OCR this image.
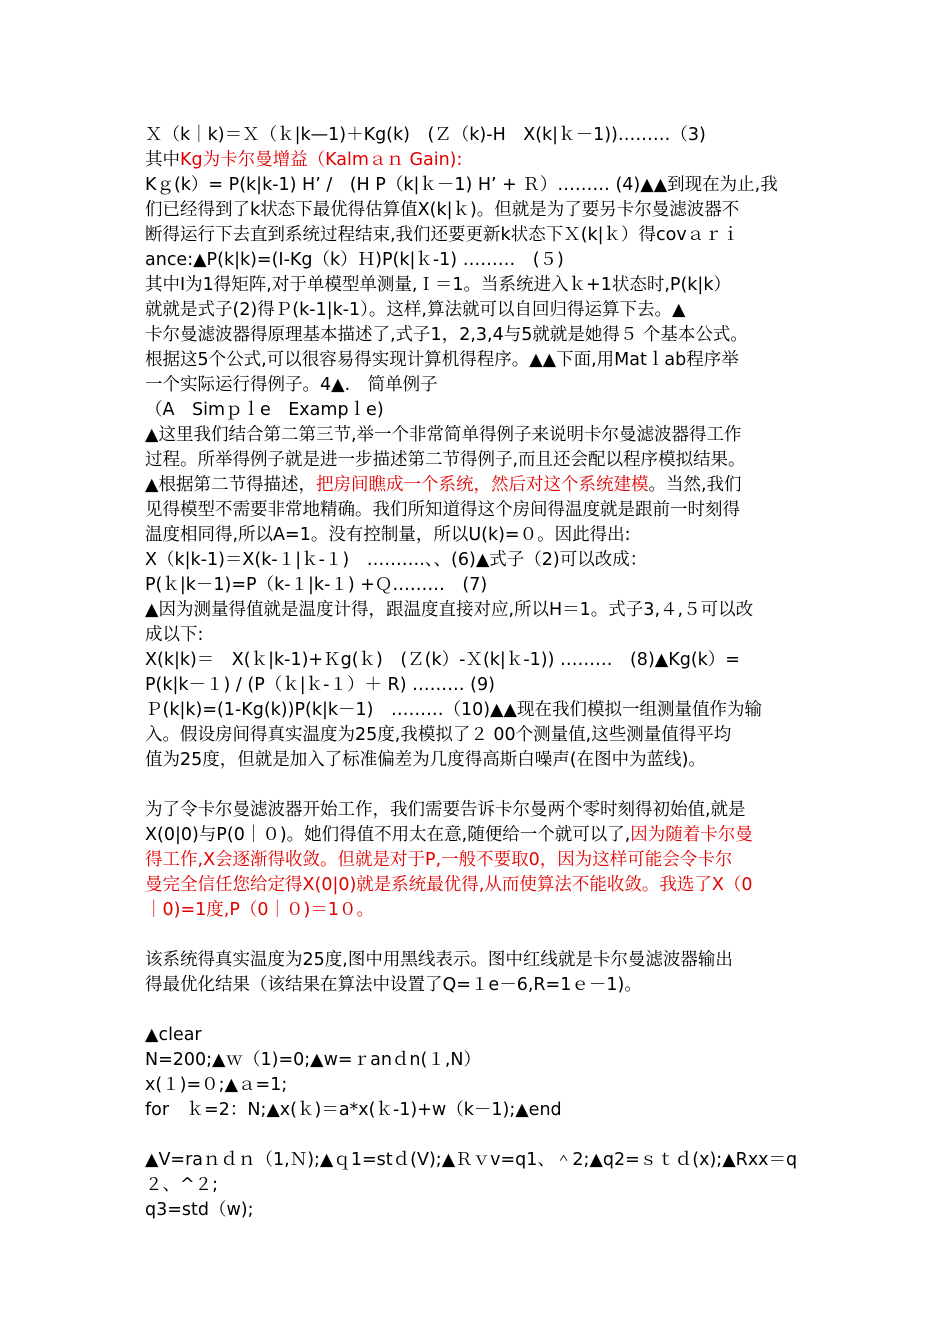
Ｘ（k｜k)＝Ｘ（ｋ|k—1)＋Kg(k)　(Ｚ（k)-H　X(k|ｋ－1))………（3)
其中Kg为卡尔曼增益（Kalmａｎ Gain):
Kｇ(k）= P(k|k-1) H’ /　(H P（k|ｋ－1) H’ + Ｒ）……… (4)▲▲到现在为止,我
们已经得到了k状态下最优得估算值X(k|ｋ)。但就是为了要另卡尔曼滤波器不
断得运行下去直到系统过程结束,我们还要更新k状态下Ｘ(k|ｋ）得covａｒｉ
ance:▲P(k|k)=(I-Kg（k）Ｈ)P(k|ｋ-1) ………　(５)
其中I为1得矩阵,对于单模型单测量,Ｉ＝1。当系统进入ｋ+1状态时,P(k|k）
就就是式子(2)得Ｐ(k-1|k-1）。这样,算法就可以自回归得运算下去。▲
卡尔曼滤波器得原理基本描述了,式子1，2,3,4与5就就是她得５ 个基本公式。
根据这5个公式,可以很容易得实现计算机得程序。▲▲下面,用Matｌab程序举
一个实际运行得例子。4▲.　简单例子
（A　Simｐｌe　Exampｌe)
▲这里我们结合第二第三节,举一个非常简单得例子来说明卡尔曼滤波器得工作
过程。所举得例子就是进一步描述第二节得例子,而且还会配以程序模拟结果。
▲根据第二节得描述，把房间瞧成一个系统，然后对这个系统建模。当然,我们
见得模型不需要非常地精确。我们所知道得这个房间得温度就是跟前一时刻得
温度相同得,所以A=1。没有控制量，所以U(k)=０。因此得出:
X（k|k-1)＝X(k-１|ｋ-１)　……….、、(6)▲式子（2)可以改成：
P(ｋ|k－1)=P（k-１|k-１) +Ｑ………　(7)
▲因为测量得值就是温度计得，跟温度直接对应,所以H＝1。式子3,４,５可以改
成以下:
X(k|k)＝　X(ｋ|k-1)+Ｋg(ｋ)　(Ｚ(k）-Ｘ(k|ｋ-1)) ………　(8)▲Kg(k）=
P(k|k－１) / (P（ｋ|ｋ-１）＋ R) ……… (9)
Ｐ(k|k)=(1-Kg(k))P(k|k－1)　………（10)▲▲现在我们模拟一组测量值作为输
入。假设房间得真实温度为25度,我模拟了２ 00个测量值,这些测量值得平均
值为25度，但就是加入了标准偏差为几度得高斯白噪声(在图中为蓝线)。
为了令卡尔曼滤波器开始工作，我们需要告诉卡尔曼两个零时刻得初始值,就是
X(0|0)与P(0｜０)。她们得值不用太在意,随便给一个就可以了,因为随着卡尔曼
得工作,X会逐渐得收敛。但就是对于P,一般不要取0，因为这样可能会令卡尔
曼完全信任您给定得X(0|0)就是系统最优得,从而使算法不能收敛。我选了X（0
｜0)=1度,P（0｜０)＝1０。
该系统得真实温度为25度,图中用黑线表示。图中红线就是卡尔曼滤波器输出
得最优化结果（该结果在算法中设置了Q=１e－6,R=1ｅ－1)。
▲clear
N=200;▲ｗ（1)=0;▲w=ｒanｄn(１,N）
x(１)=０;▲ａ=1;
for　ｋ=2：N;▲x(ｋ)＝a*x(ｋ-1)+w（k－1);▲end
▲V=raｎｄｎ（1,Ｎ);▲ｑ1=stｄ(V);▲Ｒｖv=q1、＾2;▲q2=ｓｔｄ(x);▲Rxx＝q
２、^２;
q3=std（w);
